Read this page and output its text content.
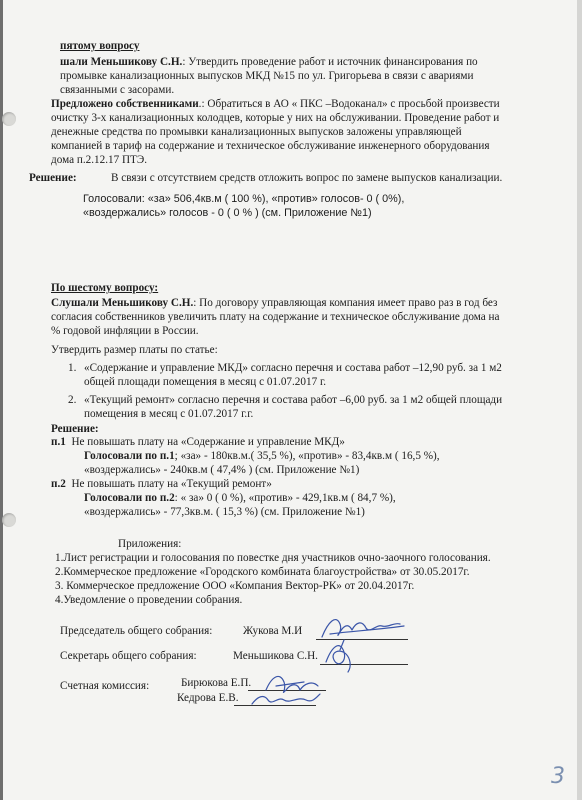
пятому вопросу
шали Меньшикову С.Н.: Утвердить проведение работ и источник финансирования по
промывке канализационных выпусков МКД №15 по ул. Григорьева в связи с авариями
связанными с засорами.
Предложено собственниками.: Обратиться в АО « ПКС –Водоканал» с просьбой произвести
очистку 3-х канализационных колодцев, которые у них на обслуживании. Проведение работ и
денежные средства по промывки канализационных выпусков заложены управляющей
компанией в тариф на содержание и техническое обслуживание инженерного оборудования
дома п.2.12.17 ПТЭ.
Решение:	В связи с отсутствием средств отложить вопрос по замене выпусков канализации.
Голосовали: «за» 506,4кв.м ( 100 %), «против» голосов- 0 ( 0%),
«воздержались» голосов - 0 ( 0 % ) (см. Приложение №1)
По шестому вопросу:
Слушали Меньшикову С.Н.: По договору управляющая компания имеет право раз в год без
согласия собственников увеличить плату на содержание и техническое обслуживание дома на
% годовой инфляции в России.
Утвердить размер платы по статье:
1. «Содержание и управление МКД» согласно перечня и состава работ –12,90 руб. за 1 м2
общей площади помещения в месяц с 01.07.2017 г.
2. «Текущий ремонт» согласно перечня и состава работ –6,00 руб. за 1 м2 общей площади
помещения в месяц с 01.07.2017 г.г.
Решение:
п.1 Не повышать плату на «Содержание и управление МКД»
Голосовали по п.1; «за» - 180кв.м.( 35,5 %), «против» - 83,4кв.м ( 16,5 %),
«воздержались» - 240кв.м ( 47,4% ) (см. Приложение №1)
п.2 Не повышать плату на «Текущий ремонт»
Голосовали по п.2: « за» 0 ( 0 %), «против» - 429,1кв.м ( 84,7 %),
«воздержались» - 77,3кв.м. ( 15,3 %) (см. Приложение №1)
Приложения:
1.Лист регистрации и голосования по повестке дня участников очно-заочного голосования.
2.Коммерческое предложение «Городского комбината благоустройства» от 30.05.2017г.
3. Коммерческое предложение ООО «Компания Вектор-РК» от 20.04.2017г.
4.Уведомление о проведении собрания.
Председатель общего собрания:	Жукова М.И
Секретарь общего собрания:	Меньшикова С.Н.
Счетная комиссия:	Бирюкова Е.П.
Кедрова Е.В.
3
